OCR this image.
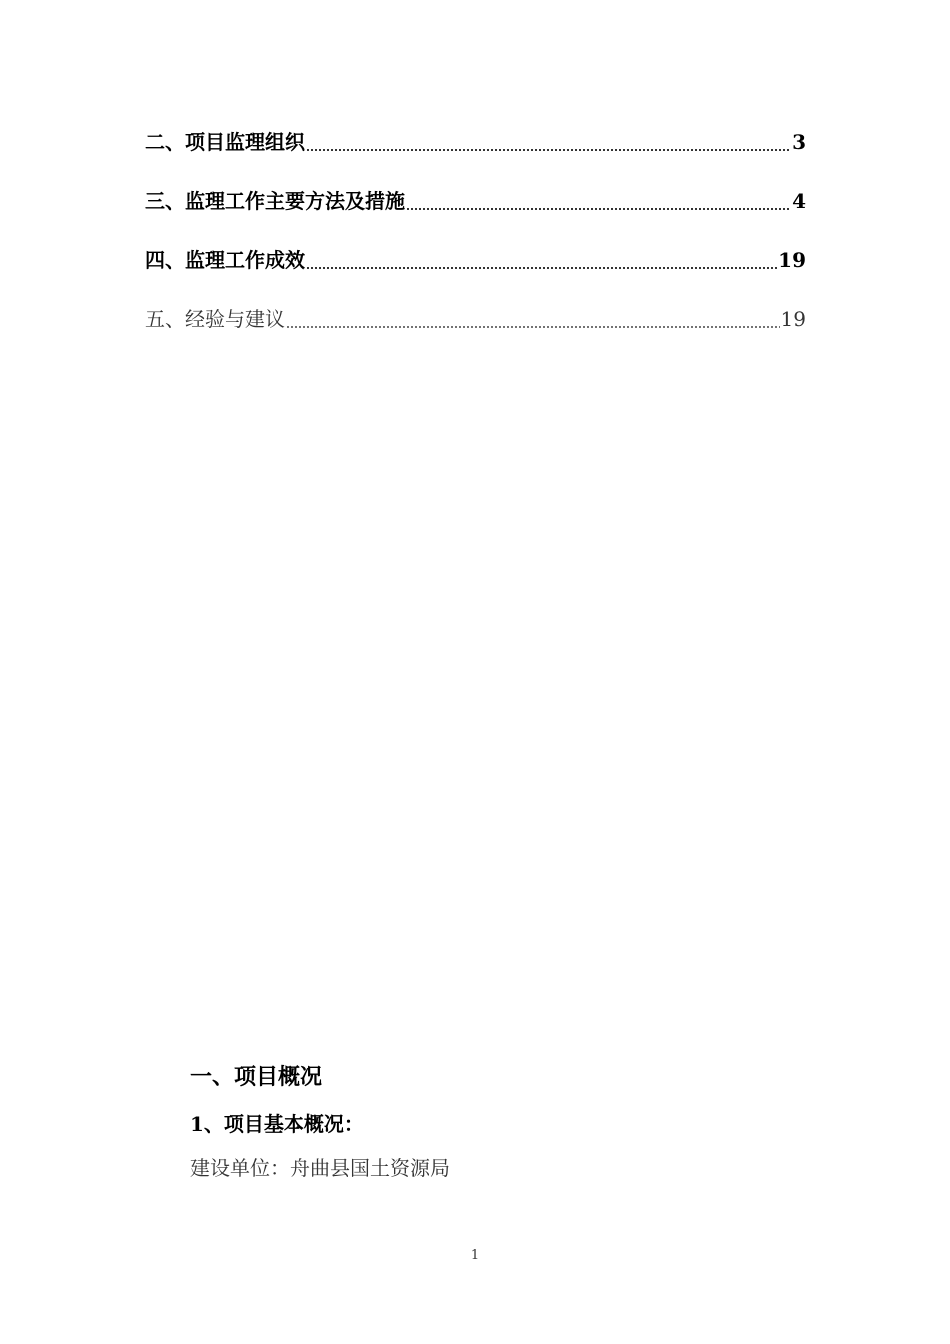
二、项目监理组织	3
三、监理工作主要方法及措施	4
四、监理工作成效	19
五、经验与建议	19
一、项目概况
1、项目基本概况：
建设单位：舟曲县国土资源局
1
